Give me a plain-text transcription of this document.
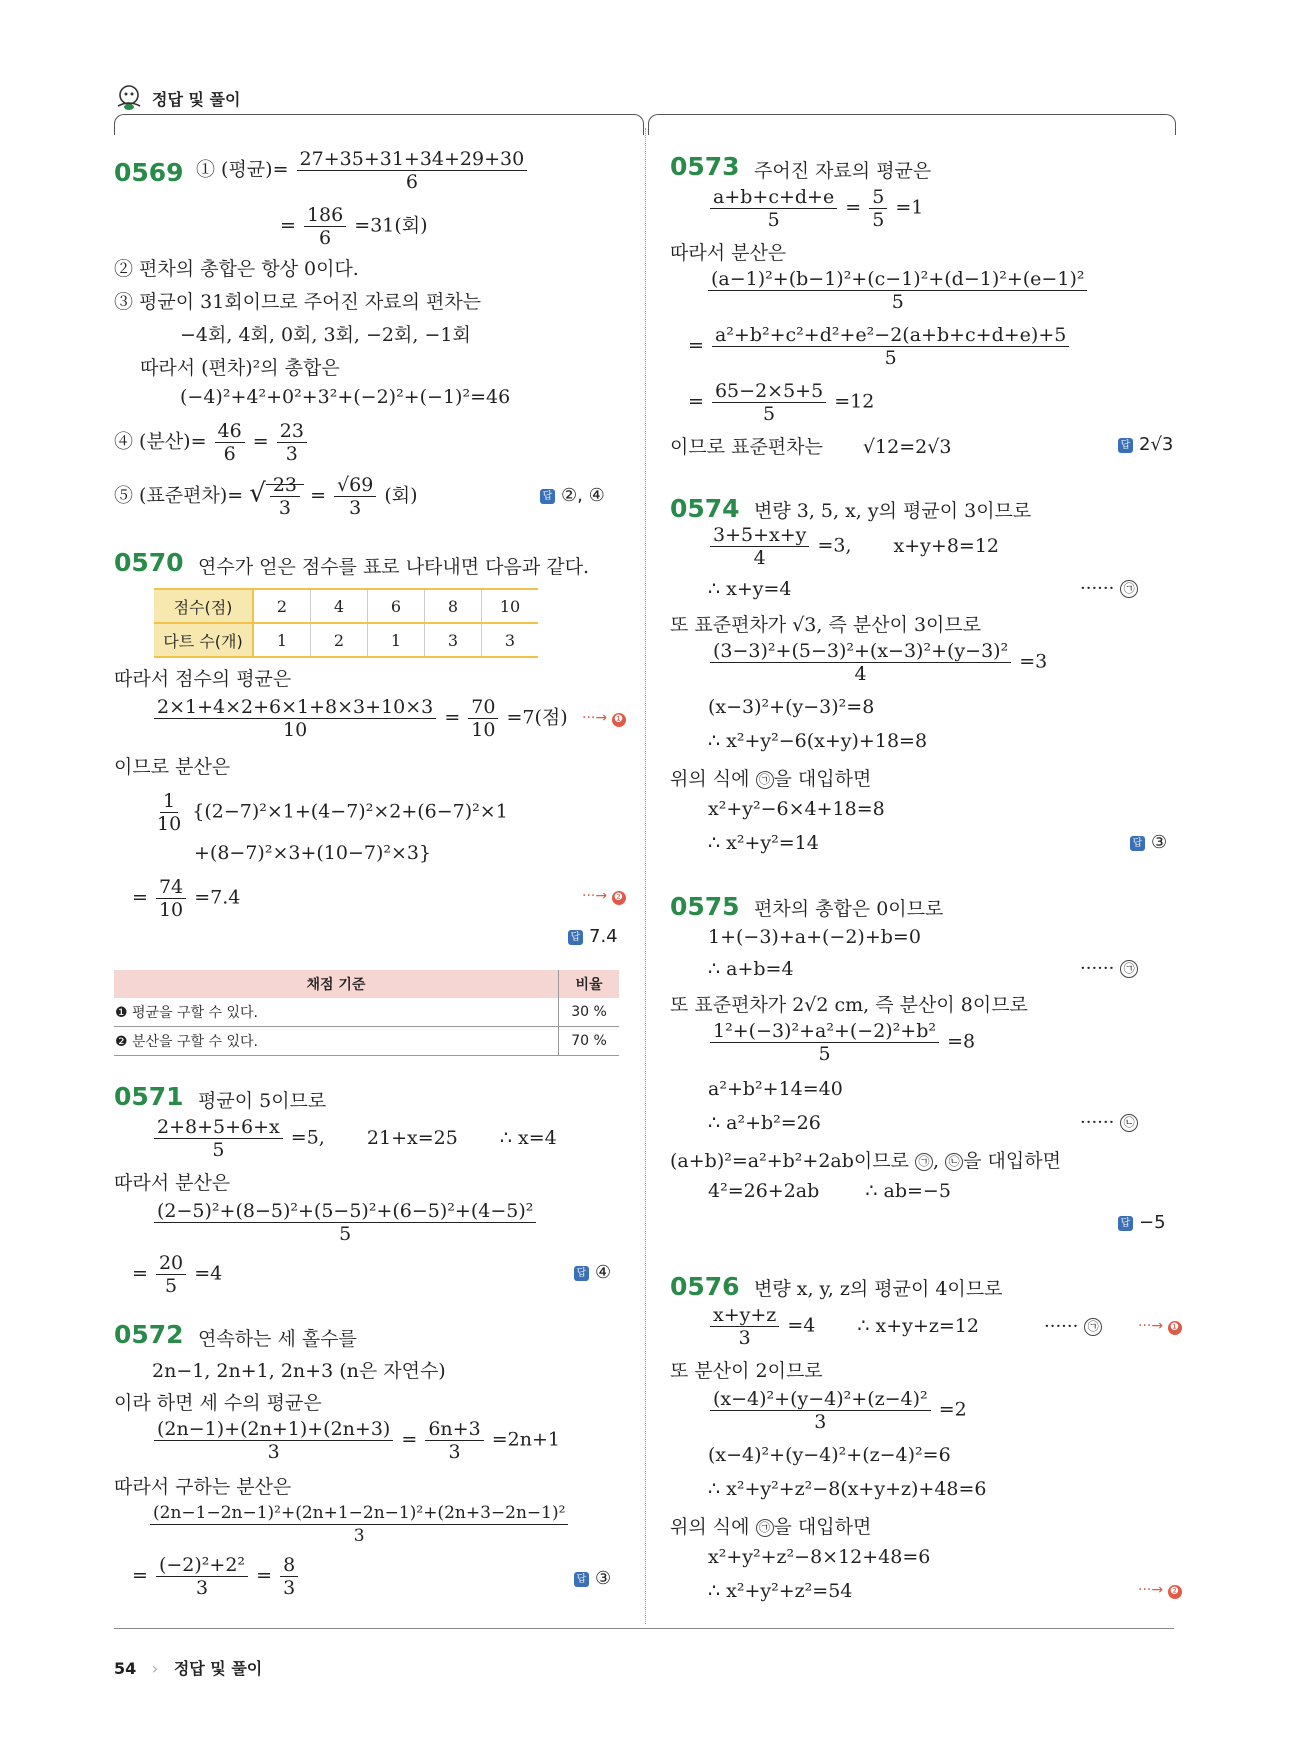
정답 및 풀이
0569 ① (평균)= $\frac{27+35+31+34+29+30}{6}$
= $\frac{186}{6} =31$(회)
② 편차의 총합은 항상 0이다.
③ 평균이 31회이므로 주어진 자료의 편차는
−4회, 4회, 0회, 3회, −2회, −1회
따라서 (편차)²의 총합은
(−4)²+4²+0²+3²+(−2)²+(−1)²=46
④ (분산)= $\frac{46}{6} = \frac{23}{3}$
⑤ (표준편차)= √ $\frac{23}{3} = \frac{√69}{3}$ (회)	답 ②, ④
0570 연수가 얻은 점수를 표로 나타내면 다음과 같다.
점수(점)	2	4	6	8	10
다트 수(개)	1	2	1	3	3
따라서 점수의 평균은
$\frac{2\times 1+4\times 2+6\times 1+8\times 3+10\times 3}{10} = \frac{70}{10} =7$(점) ···→ ❶
이므로 분산은
$\frac{1}{10} \{(2-7)^2\times 1+(4-7)^2\times 2+(6-7)^2\times 1$
+(8−7)²×3+(10−7)²×3}
= $\frac{74}{10} =7.4$	···→ ❷
답 7.4
채점 기준	비율
❶ 평균을 구할 수 있다.	30 %
❷ 분산을 구할 수 있다.	70 %
0571 평균이 5이므로
$\frac{2+8+5+6+x}{5} =5$, 21+x=25 ∴ x=4
따라서 분산은
$\frac{\text{(2−5)²+(8−5)²+(5−5)²+(6−5)²+(4−5)²}}{5}$
= $\frac{20}{5} =4$	답 ④
0572 연속하는 세 홀수를
2n−1, 2n+1, 2n+3 (n은 자연수)
이라 하면 세 수의 평균은
$\frac{(2n-1)+(2n+1)+(2n+3)}{3} = \frac{6n+3}{3} =2n+1$
따라서 구하는 분산은
$\frac{\text{(2n−1−2n−1)²+(2n+1−2n−1)²+(2n+3−2n−1)²}}{3}$
= $\frac{\text{(−2)²+2²}}{3} = \frac{8}{3}$	답 ③
0573 주어진 자료의 평균은
$\frac{a+b+c+d+e}{5} = \frac{5}{5} =1$
따라서 분산은
$\frac{\text{(a−1)²+(b−1)²+(c−1)²+(d−1)²+(e−1)²}}{5}$
= $\frac{\text{a²+b²+c²+d²+e²−2(a+b+c+d+e)+5}}{5}$
= $\frac{65-2\times 5+5}{5} =12$
이므로 표준편차는 √12=2√3	답 2√3
0574 변량 3, 5, x, y의 평균이 3이므로
$\frac{3+5+x+y}{4} =3$, x+y+8=12
∴ x+y=4	······ ㉠
또 표준편차가 √3, 즉 분산이 3이므로
$\frac{\text{(3−3)²+(5−3)²+(x−3)²+(y−3)²}}{4} =3$
(x−3)²+(y−3)²=8
∴ x²+y²−6(x+y)+18=8
위의 식에 ㉠ 을 대입하면
x²+y²−6×4+18=8
∴ x²+y²=14	답 ③
0575 편차의 총합은 0이므로
1+(−3)+a+(−2)+b=0
∴ a+b=4	······ ㉠
또 표준편차가 2√2 cm, 즉 분산이 8이므로
$\frac{\text{1²+(−3)²+a²+(−2)²+b²}}{5} =8$
a²+b²+14=40
∴ a²+b²=26	······ ㉡
(a+b)²=a²+b²+2ab이므로 ㉠ , ㉡ 을 대입하면
4²=26+2ab ∴ ab=−5
답 −5
0576 변량 x, y, z의 평균이 4이므로
$\frac{x+y+z}{3} =4$ ∴ x+y+z=12	······ ㉠	···→ ❶
또 분산이 2이므로
$\frac{\text{(x−4)²+(y−4)²+(z−4)²}}{3} =2$
(x−4)²+(y−4)²+(z−4)²=6
∴ x²+y²+z²−8(x+y+z)+48=6
위의 식에 ㉠ 을 대입하면
x²+y²+z²−8×12+48=6
∴ x²+y²+z²=54	···→ ❷
54 › 정답 및 풀이
